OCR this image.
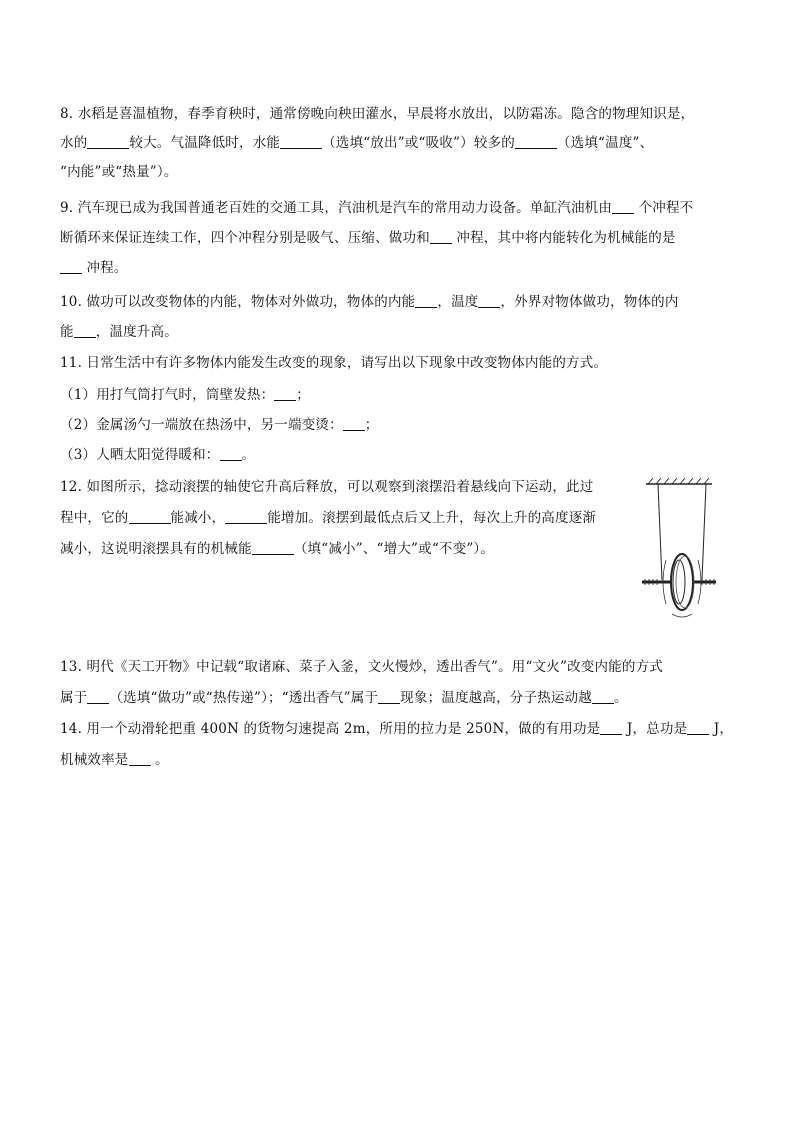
8. 水稻是喜温植物，春季育秧时，通常傍晚向秧田灌水，早晨将水放出，以防霜冻。隐含的物理知识是，
水的	较大。气温降低时，水能	（选填“放出”或“吸收”）较多的	（选填“温度”、
“内能”或“热量”）。
9. 汽车现已成为我国普通老百姓的交通工具，汽油机是汽车的常用动力设备。单缸汽油机由 个冲程不
断循环来保证连续工作，四个冲程分别是吸气、压缩、做功和 冲程，其中将内能转化为机械能的是
冲程。
10. 做功可以改变物体的内能，物体对外做功，物体的内能 ，温度 ，外界对物体做功，物体的内
能 ，温度升高。
11. 日常生活中有许多物体内能发生改变的现象，请写出以下现象中改变物体内能的方式。
（1）用打气筒打气时，筒壁发热： ；
（2）金属汤勺一端放在热汤中，另一端变烫： ；
（3）人晒太阳觉得暖和： 。
12. 如图所示，捻动滚摆的轴使它升高后释放，可以观察到滚摆沿着悬线向下运动，此过
程中，它的	能减小，	能增加。滚摆到最低点后又上升，每次上升的高度逐渐
减小，这说明滚摆具有的机械能	（填“减小”、“增大”或“不变”）。
13. 明代《天工开物》中记载“取诸麻、菜子入釜，文火慢炒，透出香气”。用“文火”改变内能的方式
属于 （选填“做功”或“热传递”）；“透出香气”属于 现象；温度越高，分子热运动越 。
14. 用一个动滑轮把重 400N 的货物匀速提高 2m，所用的拉力是 250N，做的有用功是 J，总功是 J，
机械效率是 。
